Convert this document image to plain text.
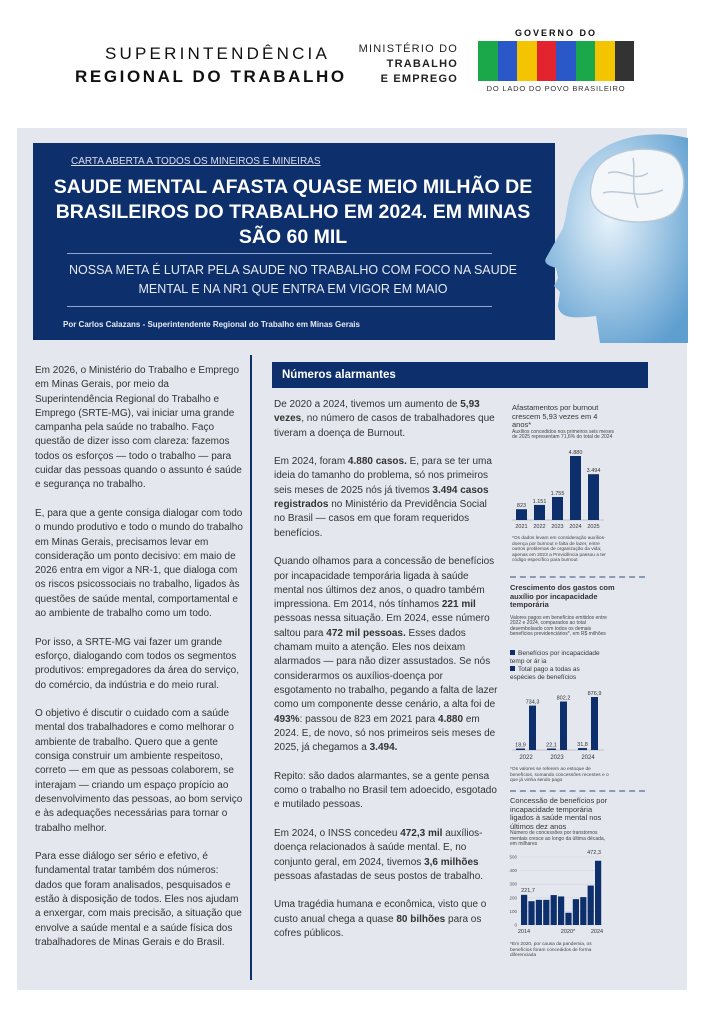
SUPERINTENDÊNCIA
REGIONAL DO TRABALHO
MINISTÉRIO DO
TRABALHO
E EMPREGO
GOVERNO DO
DO LADO DO POVO BRASILEIRO
CARTA ABERTA A TODOS OS MINEIROS E MINEIRAS
SAUDE MENTAL AFASTA QUASE MEIO MILHÃO DE BRASILEIROS DO TRABALHO EM 2024. EM MINAS SÃO 60 MIL
NOSSA META É LUTAR PELA SAUDE NO TRABALHO COM FOCO NA SAUDE MENTAL E NA NR1 QUE ENTRA EM VIGOR EM MAIO
Por Carlos Calazans - Superintendente Regional do Trabalho em Minas Gerais

Em 2026, o Ministério do Trabalho e Emprego em Minas Gerais, por meio da Superintendência Regional do Trabalho e Emprego (SRTE-MG), vai iniciar uma grande campanha pela saúde no trabalho. Faço questão de dizer isso com clareza: fazemos todos os esforços — todo o trabalho — para cuidar das pessoas quando o assunto é saúde e segurança no trabalho.

E, para que a gente consiga dialogar com todo o mundo produtivo e todo o mundo do trabalho em Minas Gerais, precisamos levar em consideração um ponto decisivo: em maio de 2026 entra em vigor a NR-1, que dialoga com os riscos psicossociais no trabalho, ligados às questões de saúde mental, comportamental e ao ambiente de trabalho como um todo.

Por isso, a SRTE-MG vai fazer um grande esforço, dialogando com todos os segmentos produtivos: empregadores da área do serviço, do comércio, da indústria e do meio rural.

O objetivo é discutir o cuidado com a saúde mental dos trabalhadores e como melhorar o ambiente de trabalho. Quero que a gente consiga construir um ambiente respeitoso, correto — em que as pessoas colaborem, se interajam — criando um espaço propício ao desenvolvimento das pessoas, ao bom serviço e às adequações necessárias para tornar o trabalho melhor.

Para esse diálogo ser sério e efetivo, é fundamental tratar também dos números: dados que foram analisados, pesquisados e estão à disposição de todos. Eles nos ajudam a enxergar, com mais precisão, a situação que envolve a saúde mental e a saúde física dos trabalhadores de Minas Gerais e do Brasil.

Números alarmantes

De 2020 a 2024, tivemos um aumento de 5,93 vezes, no número de casos de trabalhadores que tiveram a doença de Burnout.

Em 2024, foram 4.880 casos. E, para se ter uma ideia do tamanho do problema, só nos primeiros seis meses de 2025 nós já tivemos 3.494 casos registrados no Ministério da Previdência Social no Brasil — casos em que foram requeridos benefícios.

Quando olhamos para a concessão de benefícios por incapacidade temporária ligada à saúde mental nos últimos dez anos, o quadro também impressiona. Em 2014, nós tínhamos 221 mil pessoas nessa situação. Em 2024, esse número saltou para 472 mil pessoas. Esses dados chamam muito a atenção. Eles nos deixam alarmados — para não dizer assustados. Se nós considerarmos os auxílios-doença por esgotamento no trabalho, pegando a falta de lazer como um componente desse cenário, a alta foi de 493%: passou de 823 em 2021 para 4.880 em 2024. E, de novo, só nos primeiros seis meses de 2025, já chegamos a 3.494.

Repito: são dados alarmantes, se a gente pensa como o trabalho no Brasil tem adoecido, esgotado e mutilado pessoas.

Em 2024, o INSS concedeu 472,3 mil auxílios-doença relacionados à saúde mental. E, no conjunto geral, em 2024, tivemos 3,6 milhões pessoas afastadas de seus postos de trabalho.

Uma tragédia humana e econômica, visto que o custo anual chega a quase 80 bilhões para os cofres públicos.

Afastamentos por burnout crescem 5,93 vezes em 4 anos*
Auxílios concedidos nos primeiros seis meses de 2025 representam 71,6% do total de 2024
823
2021
1.151
2022
1.755
2023
4.880
2024
3.494
2025
*Os dados levam em consideração auxílios-doença por burnout e falta de lazer, entre outros problemas de organização da vida; apenas em 2023 a Previdência passou a ter código específico para burnout
Crescimento dos gastos com auxílio por incapacidade temporária
Valores pagos em benefícios emitidos entre 2022 e 2024, comparados ao total desembolsado com todos os demais benefícios previdenciários*, em R$ milhões
Benefícios por incapacidade temp or ár ia
Total pago a todas as espécies de benefícios
18,9
734,3
2022
22,1
802,2
2023
31,8
876,9
2024
*Os valores se referem ao estoque de benefícios, somando concessões recentes e o que já vinha sendo pago
Concessão de benefícios por incapacidade temporária ligados à saúde mental nos últimos dez anos
Número de concessões por transtornos mentais cresce ao longo da última década, em milhares
0
100
200
300
400
500
221,7
472,3
2014	2020*	2024
*Em 2020, por causa da pandemia, os benefícios foram concedidos de forma diferenciada
